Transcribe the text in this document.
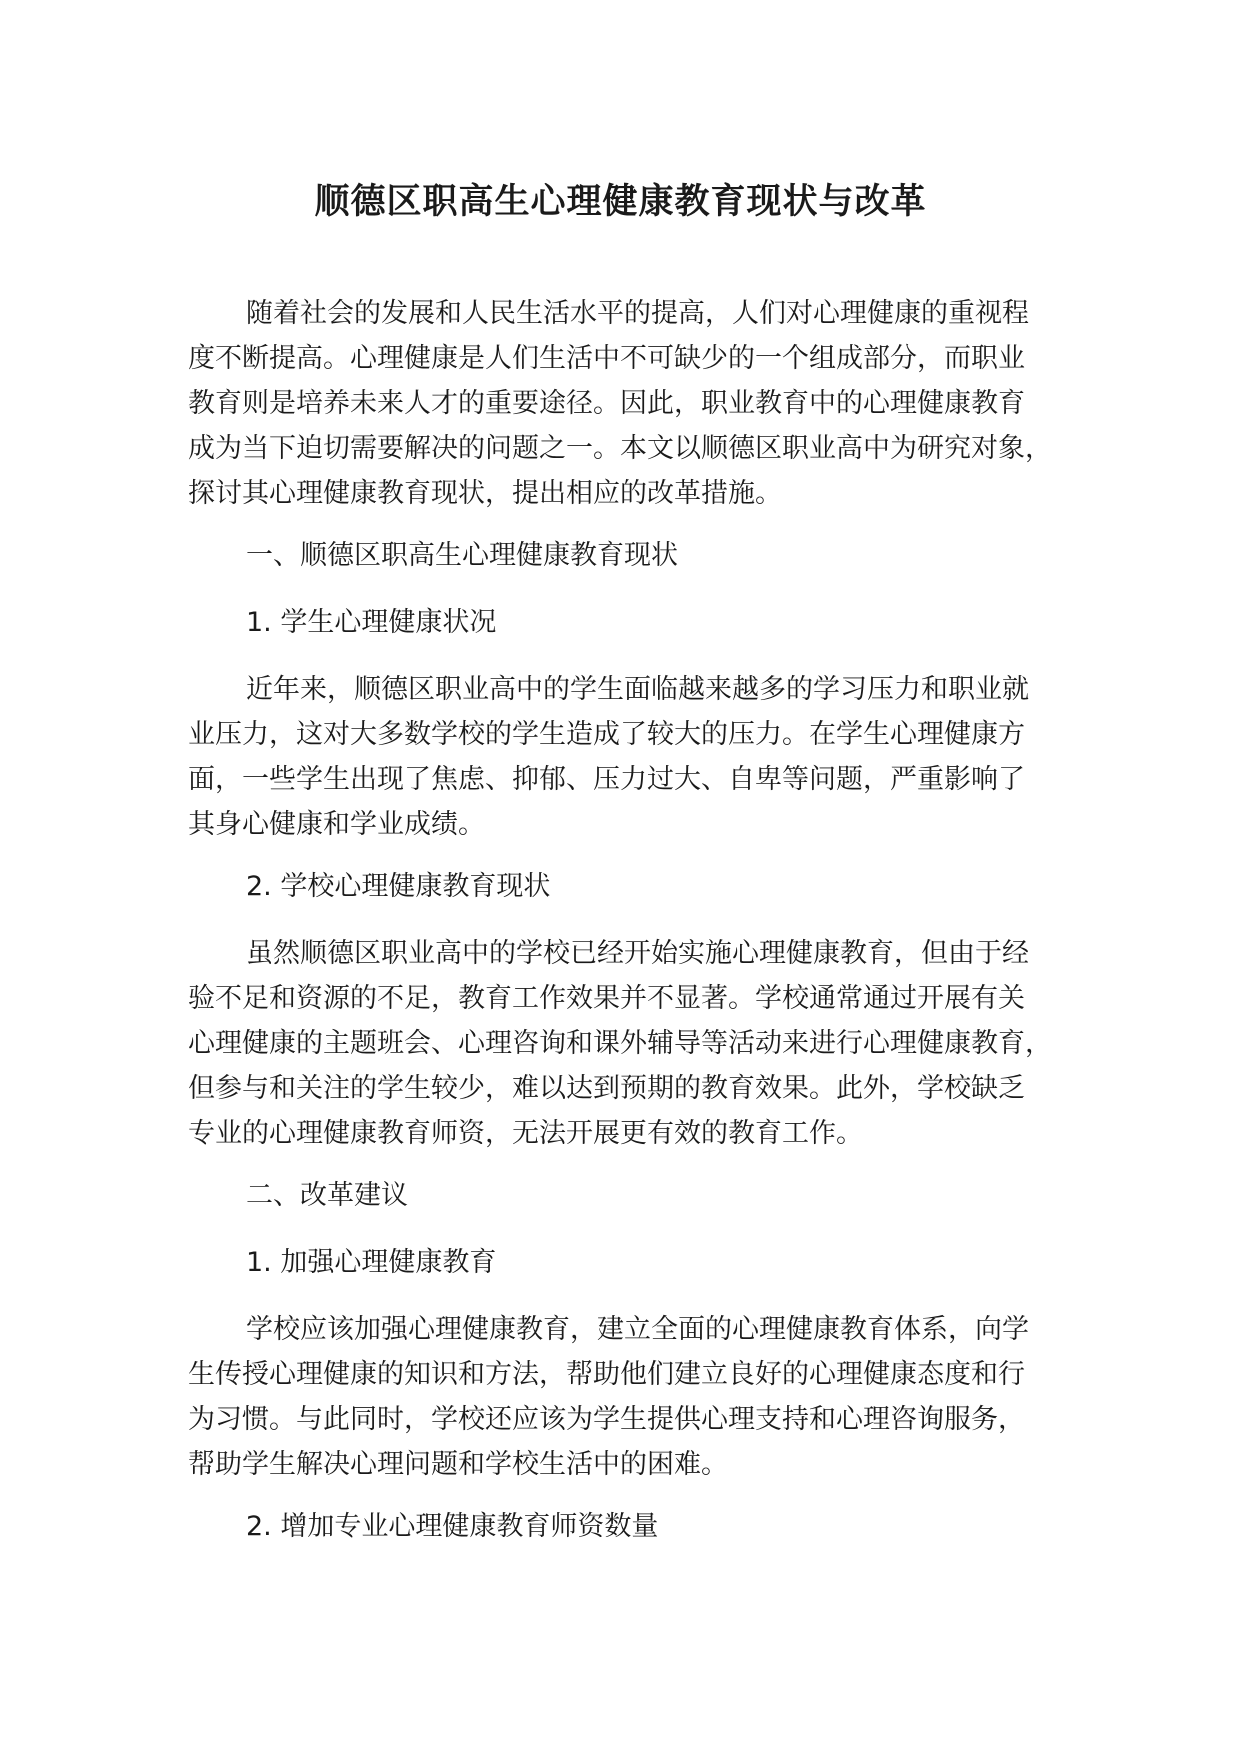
顺德区职高生心理健康教育现状与改革

随着社会的发展和人民生活水平的提高，人们对心理健康的重视程
度不断提高。心理健康是人们生活中不可缺少的一个组成部分，而职业
教育则是培养未来人才的重要途径。因此，职业教育中的心理健康教育
成为当下迫切需要解决的问题之一。本文以顺德区职业高中为研究对象，
探讨其心理健康教育现状，提出相应的改革措施。

一、顺德区职高生心理健康教育现状

1. 学生心理健康状况

近年来，顺德区职业高中的学生面临越来越多的学习压力和职业就
业压力，这对大多数学校的学生造成了较大的压力。在学生心理健康方
面，一些学生出现了焦虑、抑郁、压力过大、自卑等问题，严重影响了
其身心健康和学业成绩。

2. 学校心理健康教育现状

虽然顺德区职业高中的学校已经开始实施心理健康教育，但由于经
验不足和资源的不足，教育工作效果并不显著。学校通常通过开展有关
心理健康的主题班会、心理咨询和课外辅导等活动来进行心理健康教育，
但参与和关注的学生较少，难以达到预期的教育效果。此外，学校缺乏
专业的心理健康教育师资，无法开展更有效的教育工作。

二、改革建议

1. 加强心理健康教育

学校应该加强心理健康教育，建立全面的心理健康教育体系，向学
生传授心理健康的知识和方法，帮助他们建立良好的心理健康态度和行
为习惯。与此同时，学校还应该为学生提供心理支持和心理咨询服务，
帮助学生解决心理问题和学校生活中的困难。

2. 增加专业心理健康教育师资数量
